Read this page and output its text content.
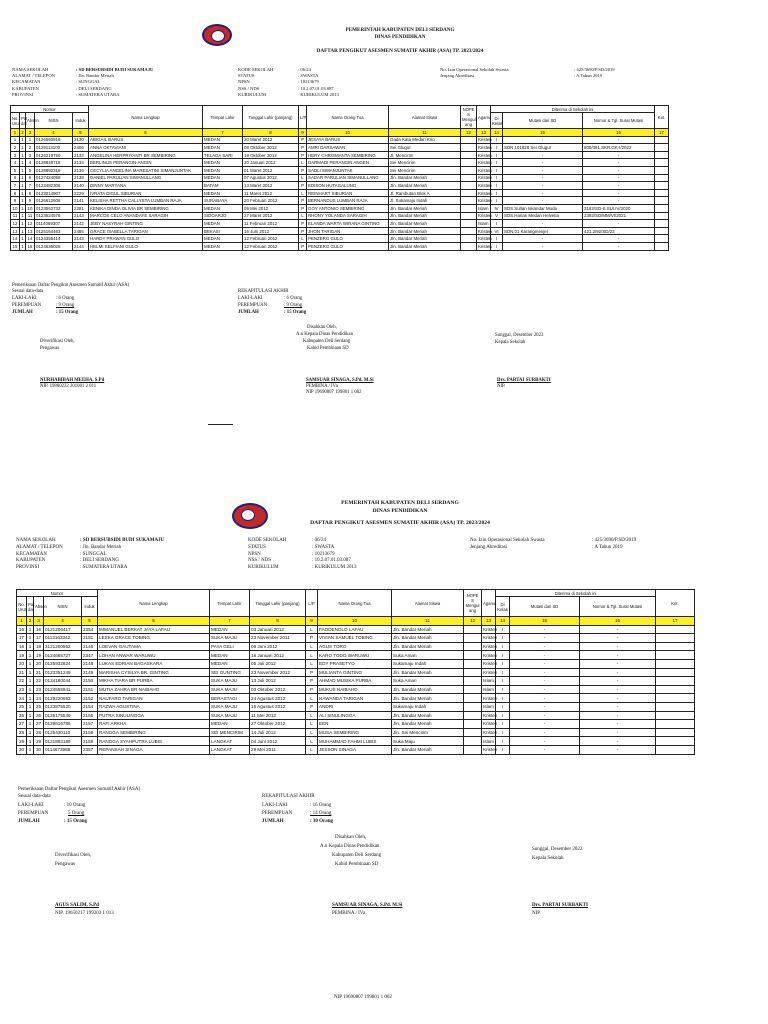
PEMERINTAH KABUPATEN DELI SERDANG
DINAS PENDIDIKAN
DAFTAR PENGIKUT ASESMEN SUMATIF AKHIR (ASA) TP. 2023/2024
NAMA SEKOLAH	: SD BERSUBSIDI BUDI SUKAMAJU
ALAMAT / TELEPON	: Jln. Bandar Meriah
KECAMATAN	: SUNGGAL
KABUPATEN	: DELI SERDANG
PROVINSI	: SUMATERA UTARA
KODE SEKOLAH	: 06/24
STATUS	: SWASTA
NPSN	: 10213679
NSS / NDS	: 10.2.07.01.03.087
KURIKULUM	: KURIKULUM 2013
No. Izin Operasional Sekolah Swasta	: 425/3690/P.SD/2019
Jenjang Akreditasi	: A Tahun 2019
Nomor					Nama Lengkap	Tempat Lahir	Tanggal Lahir (panjang)	L/P	Nama Orang Tua	Alamat Siswa	NOPE S Mengul ang	Agama	Diterima di Sekolah ini			Ket.
No. Urut	Pat dal	Absen	NISN	Induk									Di Kelas	Mutasi dari SD	Nomor & Tgl. Surat Mutasi	
1	2	3	4	5	6	7	8	9	10	11	12	13	14	15	16	17
1	1	1	0126560918	2130	ABIGAIL BARUS	MEDAN	20 Maret 2012	P	JESAYA BARUS	Gada Kata Medan Krio		Kristen	I	-	-	
2	1	2	0129113100	2406	ANNA OKTAVIANI	MEDAN	08 Oktober 2012	P	AMRI DARSAWAN	Sei Glugur		Kristen	I	SDN 101828 Sei Glugur	800/091.SKR.GK-I/2022	
3	1	3	0126219750	2133	ANGELINA HERPRIYANTI BR.SEMBIRING	TELAGA SARI	18 Oktober 2012	P	HERY CHRISMANTA SEMBIRING	Jl. Mencirim		Kristen	I	-	-	
4	1	4	0128848718	2134	BERLINUS PERANGIN-ANGIN	MEDAN	20 Januari 2012	L	DARMADI PERANGIN ANGEN	Sei Mencirim		Kristen	I	-	-	
5	1	5	0128892319	2136	CECYLIA ANGELINA MARESATINI SIMANJUNTAK	MEDAN	01 Maret 2012	P	SADLI SIMANJUNTAK	Sei Mencirim		Kristen	I	-	-	
6	1	6	0127424058	2138	DANIEL PARULIAN SIMANULLANG	MEDAN	07 Agustus 2012	L	SADAR PARULIAN SIMANULLANG	Jln. Bandar Meriah		Kristen	I	-	-	
7	1	7	0123482306	2140	DINNY MARYANA	BATAM	13 Maret 2012	P	EDISON HUTAGALUNG	Jln. Bandar Meriah		Kristen	I	-	-	
8	1	8	0123014907	2229	IVRATA DIGUL SIBURIAN	MEDAN	11 Maret 2012	L	REINHART SIBURIAN	Jl. Rambutan Blok A		Kristen	I	-	-	
9	1	9	0126612608	2141	KELISHA RETTHA CALLYSTA LUMBAN RAJA	SURABAYA	20 Februari 2012	P	BERNANDUS LUMBAN RAJA	Jl. Sukamaju Indah		Kristen	I	-	-	
10	1	10	0123562732	2281	KENIKA DINDA OLIVIA BR SEMBIRING	MEDAN	09 Mei 2012	P	GOY ANTONIO SEMBIRING	Jln. Bandar Meriah		Islam	IV	SDS.Sultan Iskandar Muda	3162/SD-S.SUI.IV/2020	
11	1	11	0123624578	2143	MARCOS CELO ANANDAYE SARAGIH	SIDOARJO	27 Maret 2012	L	RHONY YOLANDA SARAGIH	Jln. Bandar Meriah		Kristen	V	SDS.Harian Medan Helvetia	2392/SD/MM/VI/2021	
12	1	12	0114069307	2142	JEBY NASYRAH GINTING	MEDAN	11 Februari 2012	P	ELANDA WARTA WIRANA GINTING	Jln. Bandar Meriah		Islam	I	-	-	
13	1	13	0125164463	2485	GRACE ISABELLA TARIGAN	BEKASI	16 Juni 2012	P	JHON TARIGAN	Jln. Bandar Meriah		Kristen	VI	SDN.01 Karangmenjel	421.2/92/SD/23	
14	1	14	0124355414	2143	HARDY PRAWAN GULO	MEDAN	12 Februari 2012	L	PENZERG GULO	Jln. Bandar Meriah		Kristen	I	-	-	
15	1	15	0124636026	2144	HELMI SELFIANI GULO	MEDAN	12 Februari 2012	P	PENZERG GULO	Jln. Bandar Meriah		Kristen	I	-	-	
Pemeriksaan Daftar Pengikut Asesmen Sumatif Akhir (ASA)
Sesuai data-data
LAKI-LAKI	: 6 Orang
PEREMPUAN	: 9 Orang
JUMLAH	: 15 Orang
REKAPITULASI AKHIR
LAKI-LAKI	: 6 Orang
PEREMPUAN	: 9 Orang
JUMLAH	: 15 Orang
Disahkan Oleh,
A.n Kepala Dinas Pendidikan
Kabupaten Deli Serdang
Kabid Pembinaan SD
Diverifikasi Oleh,
Pengawas
Sunggal, Desember 2023
Kepala Sekolah
NURHABIBAH MEEHA, S.Pd
NIP. 19860222 201001 2 011
SAMSUAR SINAGA, S.Pd. M.Si
PEMBINA / IVa
NIP 19690807 199801 1 002
Drs. PARTAI SURBAKTI
NIP.
PEMERINTAH KABUPATEN DELI SERDANG
DINAS PENDIDIKAN
DAFTAR PENGIKUT ASESMEN SUMATIF AKHIR (ASA) TP. 2023/2024
NAMA SEKOLAH	: SD BERSUBSIDI BUDI SUKAMAJU
ALAMAT / TELEPON	: Jln. Bandar Meriah
KECAMATAN	: SUNGGAL
KABUPATEN	: DELI SERDANG
PROVINSI	: SUMATERA UTARA
KODE SEKOLAH	: 06/24
STATUS	: SWASTA
NPSN	: 10213679
NSS / NDS	: 10.2.07.01.03.087
KURIKULUM	: KURIKULUM 2013
No. Izin Operasional Sekolah Swasta	: 425/3690/P.SD/2019
Jenjang Akreditasi	: A Tahun 2019
Nomor					Nama Lengkap	Tempat Lahir	Tanggal Lahir (panjang)	L/P	Nama Orang Tua	Alamat Siswa	NOPE S Mengul ang	Agama	Diterima di Sekolah ini			Ket.
No. Urut	Pat dal	Absen	NISN	Induk									Di Kelas	Mutasi dari SD	Nomor & Tgl. Surat Mutasi	
1	2	3	4	5	6	7	8	9	10	11	12	13	14	15	16	17
16	1	16	0121206417	2354	IMMANUEL BERKAT JAYA LAFAU	MEDAN	03 Januari 2012	L	FAODENOLO LAFAU	Jln. Bandar Meriah		Kristen	I	-	-	
17	1	17	0113163342	2181	LESKA GRACE TOBING	SUKA MAJU	23 November 2011	P	VIVIAN SAMUEL TOBING	Jln. Bandar Meriah		Kristen	I	-	-	
18	1	18	3121200552	2146	LOEVAN GAUTAMA	PAYA GELI	06 Juni 2012	L	AGUS TORO	Jln. Bandar Meriah		Kristen	I	-	-	
19	1	19	0124665727	2347	LOHAN ANWAR WARUWU	MEDAN	16 Januari 2012	L	KARO TODO WARUWU	Suka Aman		Kristen	I	-	-	
20	1	20	0125932824	2148	LUKAS EDRIAN BAGASKARA	MEDAN	05 Juli 2012	L	EDY PRASETYO	Sukamaju Indah		Kristen	I	-	-	
21	1	21	0123351249	2149	MARISHA CYSILYA BR. GINTING	SEI GUNTING	23 November 2012	P	MULIANTA GINTING	Jln. Bandar Meriah		Kristen	I	-	-	
22	1	22	0124180044	2150	MIKHA TIARA BR PURBA	SUKA MAJU	13 Juli 2012	P	AHMAD MUSIKA PURBA	Suka Aman		Islam	I	-	-	
23	1	23	0124555941	2151	MUTIA ZAHRA BR NAIBAHO	SUKA MAJU	03 Oktober 2012	P	MUKUS NAIBAHO	Jln. Bandar Meriah		Islam	I	-	-	
24	1	24	0129220653	2152	NAUFARO TARIGAN	BERASTAGI	24 Agustus 2012	L	NAWANDA TARIGAN	Jln. Bandar Meriah		Kristen	I	-	-	
25	1	25	0123875520	2154	RAZWA AGUSTINA	SUKA MAJU	16 Agustus 2012	P	ANDRI	Sukamaju Indah		Islam	I	-	-	
26	1	26	0125175549	2155	PUTRA SINULINGGA	SUKA MAJU	11 Mei 2012	L	ALI SINULINGGA	Jln. Bandar Meriah		Kristen	I	-	-	
27	1	27	0129616786	2157	RAFI ARKHA	MEDAN	27 Oktober 2012	L	EEN	Jln. Bandar Meriah		Kristen	I	-	-	
28	1	28	0125430110	2158	RANGGA SEMBIRING	SEI MENCIRIM	14 Juli 2012	L	MUSA SEMBIRING	Jln. Sei Mencirim		Kristen	I	-	-	
29	1	29	0121883189	2159	RANGGA SYAHPUTRA LUBIS	LANGKAT	04 Juni 2012	L	MUHAMMAD FAHMI LUBIS	Suka Maju		Islam	I	-	-	
30	1	30	0114673988	2357	REPANSAH SINAGA	LANGKAT	29 Mei 2011	L	JESSON SINAGA	Jln. Bandar Meriah		Kristen	I	-	-	
Pemeriksaan Daftar Pengikut Asesmen Sumatif Akhir (ASA)
Sesuai data-data
LAKI-LAKI	: 10 Orang
PEREMPUAN	5 Orang
JUMLAH	: 15 Orang
REKAPITULASI AKHIR
LAKI-LAKI	: 16 Orang
PEREMPUAN	: 14 Orang
JUMLAH	: 30 Orang
Disahkan Oleh,
A.n Kepala Dinas Pendidikan
Kabupaten Deli Serdang
Kabid Pembinaan SD
Diverifikasi Oleh,
Pengawas
Sunggal, Desember 2022
Kepala Sekolah
AGUS SALIM, S.Pd
NIP. 19650217 199203 1 013
SAMSUAR SINAGA, S.Pd. M.Si
PEMBINA / IVa
Drs. PARTAI SURBAKTI
NIP.
NIP 19690807 199801 1 002
